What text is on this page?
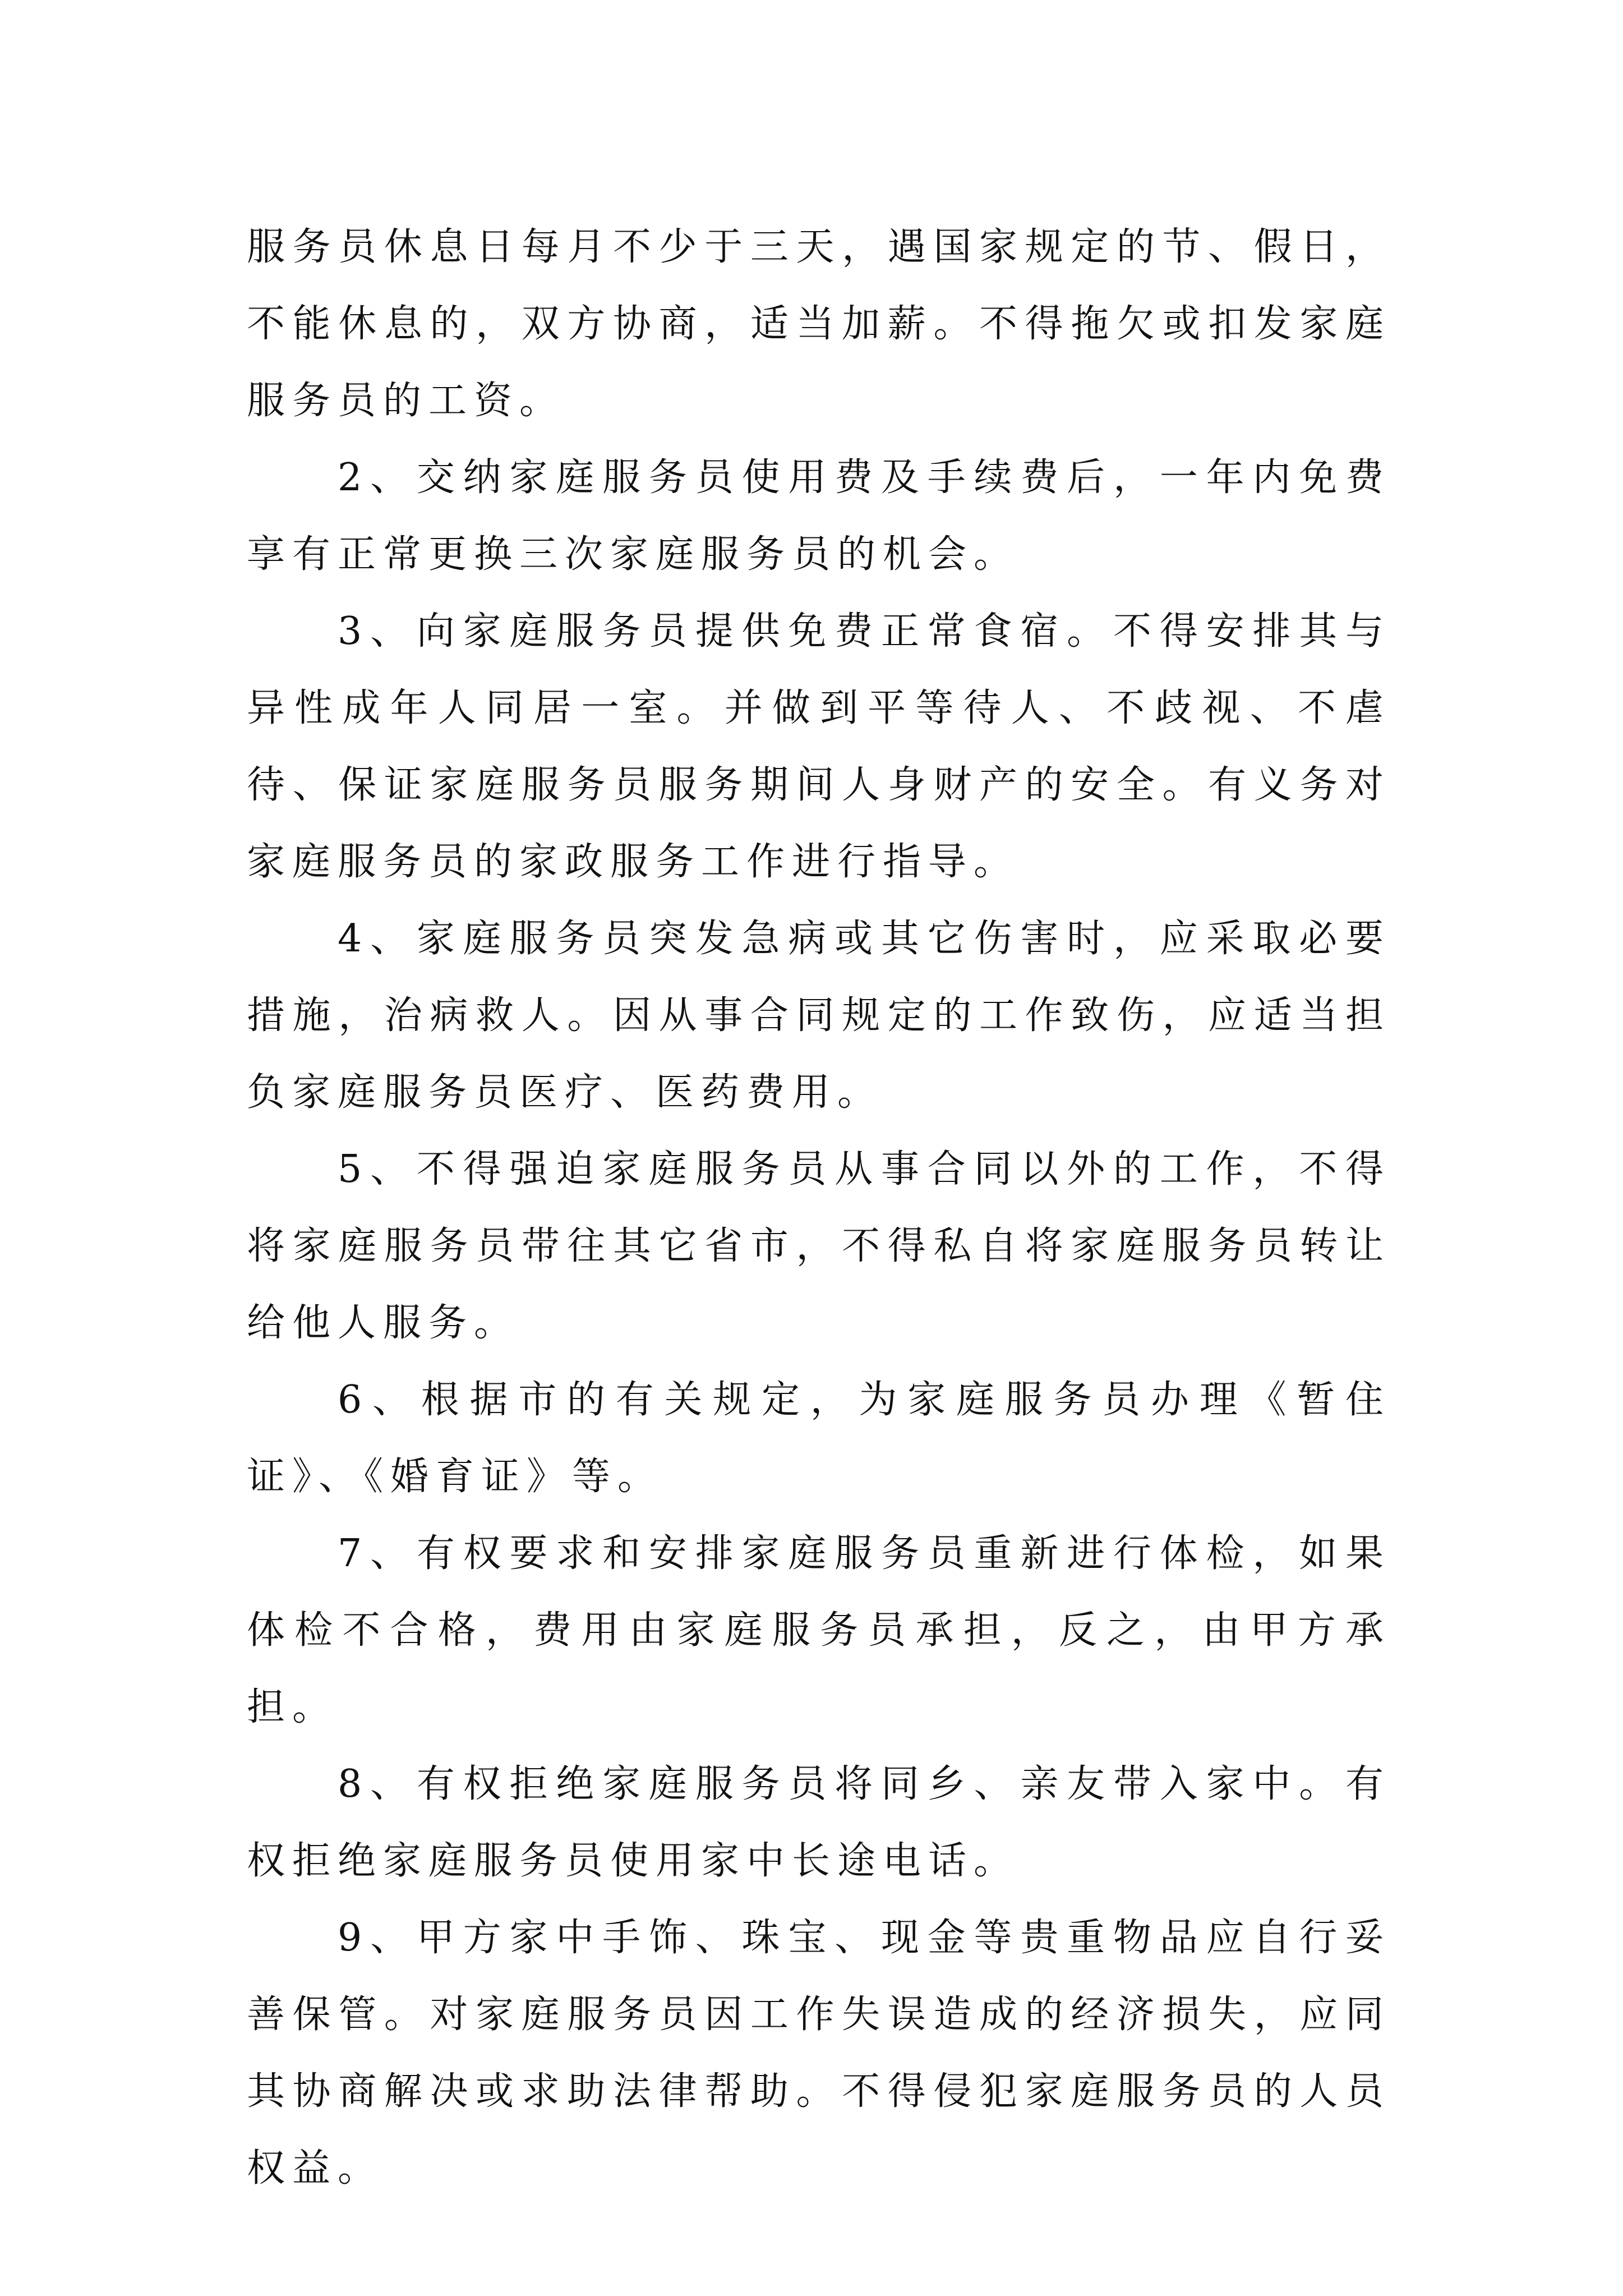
服务员休息日每月不少于三天，遇国家规定的节、假日，不能休息的，双方协商，适当加薪。不得拖欠或扣发家庭服务员的工资。

2、交纳家庭服务员使用费及手续费后，一年内免费享有正常更换三次家庭服务员的机会。

3、向家庭服务员提供免费正常食宿。不得安排其与异性成年人同居一室。并做到平等待人、不歧视、不虐待、保证家庭服务员服务期间人身财产的安全。有义务对家庭服务员的家政服务工作进行指导。

4、家庭服务员突发急病或其它伤害时，应采取必要措施，治病救人。因从事合同规定的工作致伤，应适当担负家庭服务员医疗、医药费用。

5、不得强迫家庭服务员从事合同以外的工作，不得将家庭服务员带往其它省市，不得私自将家庭服务员转让给他人服务。

6、根据市的有关规定，为家庭服务员办理《暂住证》、《婚育证》等。

7、有权要求和安排家庭服务员重新进行体检，如果体检不合格，费用由家庭服务员承担，反之，由甲方承担。

8、有权拒绝家庭服务员将同乡、亲友带入家中。有权拒绝家庭服务员使用家中长途电话。

9、甲方家中手饰、珠宝、现金等贵重物品应自行妥善保管。对家庭服务员因工作失误造成的经济损失，应同其协商解决或求助法律帮助。不得侵犯家庭服务员的人员权益。
